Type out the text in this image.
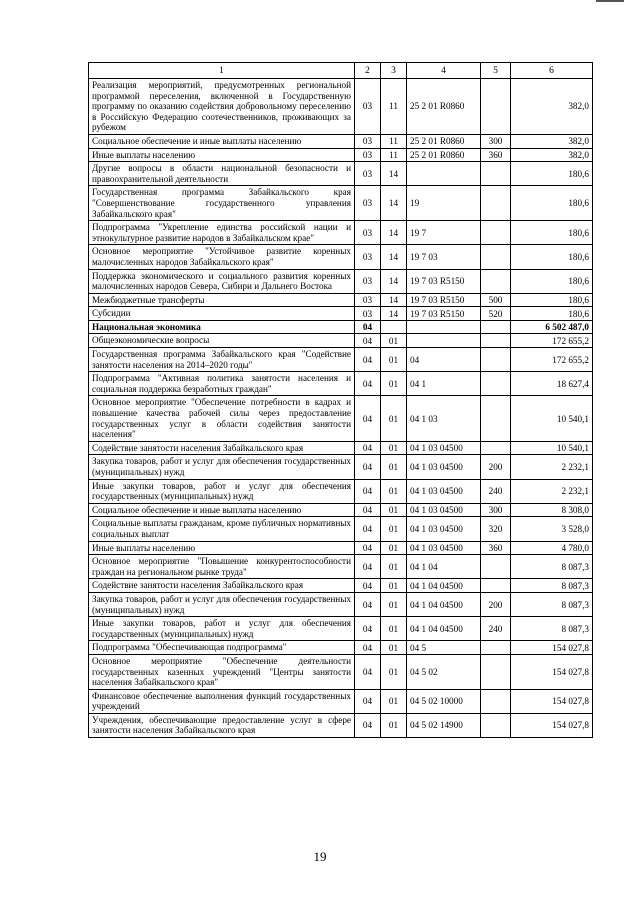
1	2	3	4	5	6
Реализация мероприятий, предусмотренных региональной программой переселения, включенной в Государственную программу по оказанию содействия добровольному переселению в Российскую Федерацию соотечественников, проживающих за рубежом	03	11	25 2 01 R0860		382,0
Социальное обеспечение и иные выплаты населению	03	11	25 2 01 R0860	300	382,0
Иные выплаты населению	03	11	25 2 01 R0860	360	382,0
Другие вопросы в области национальной безопасности и правоохранительной деятельности	03	14			180,6
Государственная программа Забайкальского края "Совершенствование государственного управления Забайкальского края"	03	14	19		180,6
Подпрограмма "Укрепление единства российской нации и этнокультурное развитие народов в Забайкальском крае"	03	14	19 7		180,6
Основное мероприятие "Устойчивое развитие коренных малочисленных народов Забайкальского края"	03	14	19 7 03		180,6
Поддержка экономического и социального развития коренных малочисленных народов Севера, Сибири и Дальнего Востока	03	14	19 7 03 R5150		180,6
Межбюджетные трансферты	03	14	19 7 03 R5150	500	180,6
Субсидии	03	14	19 7 03 R5150	520	180,6
Национальная экономика	04				6 502 487,0
Общеэкономические вопросы	04	01			172 655,2
Государственная программа Забайкальского края "Содействие занятости населения на 2014–2020 годы"	04	01	04		172 655,2
Подпрограмма "Активная политика занятости населения и социальная поддержка безработных граждан"	04	01	04 1		18 627,4
Основное мероприятие "Обеспечение потребности в кадрах и повышение качества рабочей силы через предоставление государственных услуг в области содействия занятости населения"	04	01	04 1 03		10 540,1
Содействие занятости населения Забайкальского края	04	01	04 1 03 04500		10 540,1
Закупка товаров, работ и услуг для обеспечения государственных (муниципальных) нужд	04	01	04 1 03 04500	200	2 232,1
Иные закупки товаров, работ и услуг для обеспечения государственных (муниципальных) нужд	04	01	04 1 03 04500	240	2 232,1
Социальное обеспечение и иные выплаты населению	04	01	04 1 03 04500	300	8 308,0
Социальные выплаты гражданам, кроме публичных нормативных социальных выплат	04	01	04 1 03 04500	320	3 528,0
Иные выплаты населению	04	01	04 1 03 04500	360	4 780,0
Основное мероприятие "Повышение конкурентоспособности граждан на региональном рынке труда"	04	01	04 1 04		8 087,3
Содействие занятости населения Забайкальского края	04	01	04 1 04 04500		8 087,3
Закупка товаров, работ и услуг для обеспечения государственных (муниципальных) нужд	04	01	04 1 04 04500	200	8 087,3
Иные закупки товаров, работ и услуг для обеспечения государственных (муниципальных) нужд	04	01	04 1 04 04500	240	8 087,3
Подпрограмма "Обеспечивающая подпрограмма"	04	01	04 5		154 027,8
Основное мероприятие "Обеспечение деятельности государственных казенных учреждений "Центры занятости населения Забайкальского края"	04	01	04 5 02		154 027,8
Финансовое обеспечение выполнения функций государственных учреждений	04	01	04 5 02 10000		154 027,8
Учреждения, обеспечивающие предоставление услуг в сфере занятости населения Забайкальского края	04	01	04 5 02 14900		154 027,8
19
